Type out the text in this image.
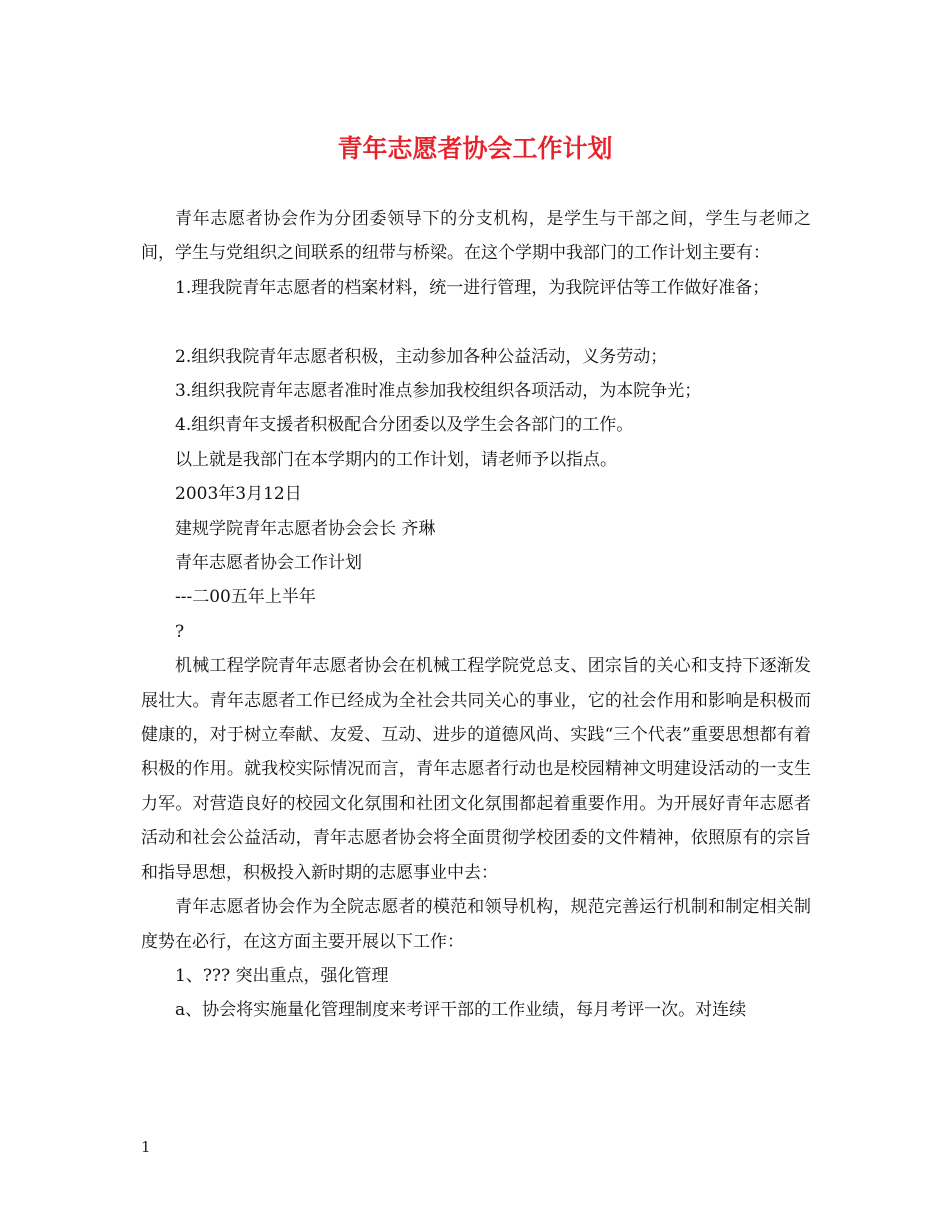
青年志愿者协会工作计划

青年志愿者协会作为分团委领导下的分支机构，是学生与干部之间，学生与老师之间，学生与党组织之间联系的纽带与桥梁。在这个学期中我部门的工作计划主要有：

1.理我院青年志愿者的档案材料，统一进行管理，为我院评估等工作做好准备；

2.组织我院青年志愿者积极，主动参加各种公益活动，义务劳动；

3.组织我院青年志愿者准时准点参加我校组织各项活动，为本院争光；

4.组织青年支援者积极配合分团委以及学生会各部门的工作。

以上就是我部门在本学期内的工作计划，请老师予以指点。

2003年3月12日

建规学院青年志愿者协会会长 齐琳

青年志愿者协会工作计划

---二00五年上半年

?

机械工程学院青年志愿者协会在机械工程学院党总支、团宗旨的关心和支持下逐渐发展壮大。青年志愿者工作已经成为全社会共同关心的事业，它的社会作用和影响是积极而健康的，对于树立奉献、友爱、互动、进步的道德风尚、实践“三个代表”重要思想都有着积极的作用。就我校实际情况而言，青年志愿者行动也是校园精神文明建设活动的一支生力军。对营造良好的校园文化氛围和社团文化氛围都起着重要作用。为开展好青年志愿者活动和社会公益活动，青年志愿者协会将全面贯彻学校团委的文件精神，依照原有的宗旨和指导思想，积极投入新时期的志愿事业中去：

青年志愿者协会作为全院志愿者的模范和领导机构，规范完善运行机制和制定相关制度势在必行，在这方面主要开展以下工作：

1、??? 突出重点，强化管理

a、协会将实施量化管理制度来考评干部的工作业绩，每月考评一次。对连续

1
